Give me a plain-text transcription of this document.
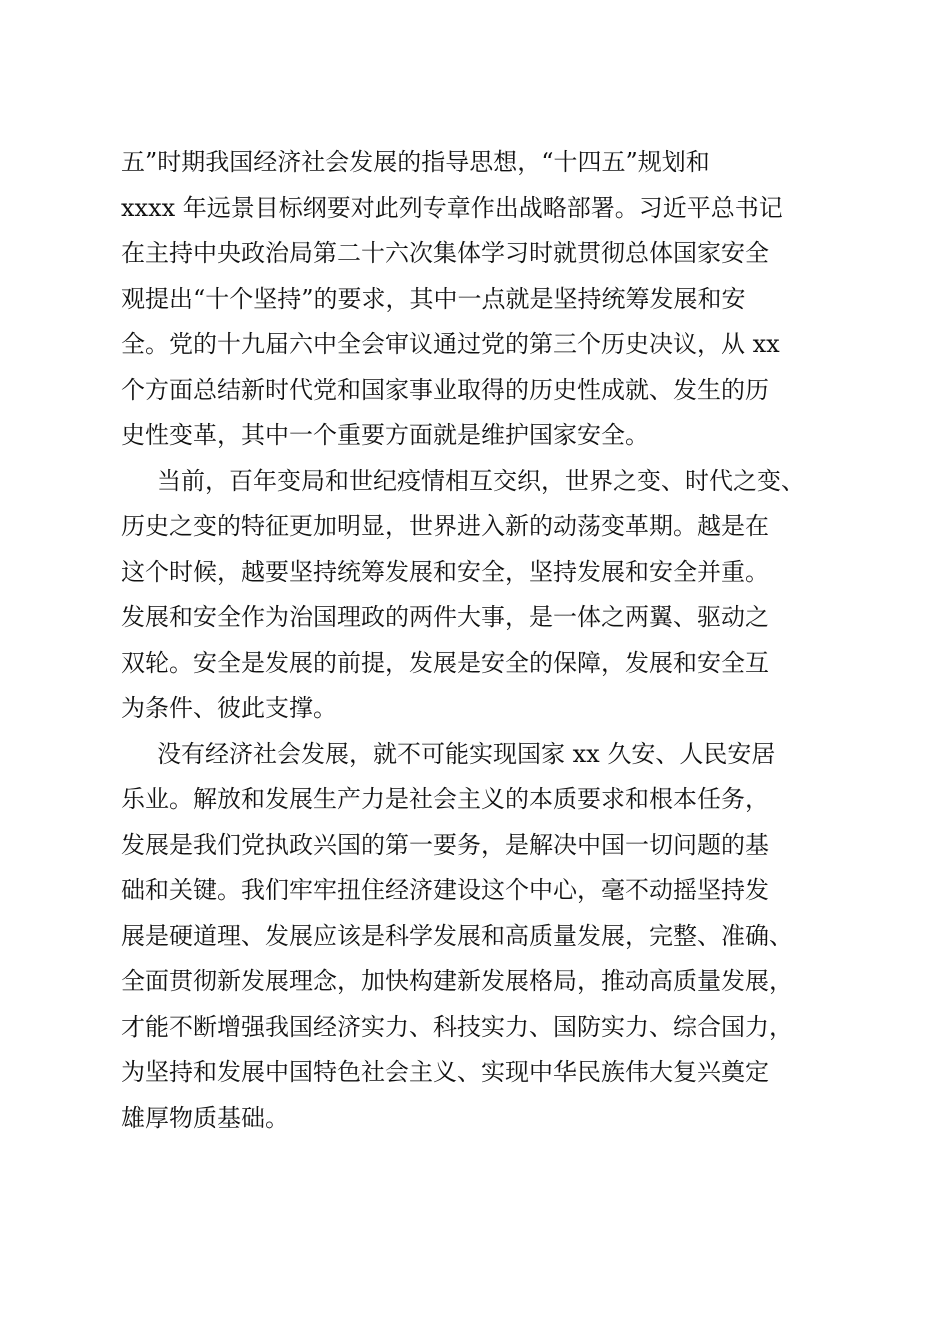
五”时期我国经济社会发展的指导思想，“十四五”规划和
xxxx 年远景目标纲要对此列专章作出战略部署。习近平总书记
在主持中央政治局第二十六次集体学习时就贯彻总体国家安全
观提出“十个坚持”的要求，其中一点就是坚持统筹发展和安
全。党的十九届六中全会审议通过党的第三个历史决议，从 xx
个方面总结新时代党和国家事业取得的历史性成就、发生的历
史性变革，其中一个重要方面就是维护国家安全。
当前，百年变局和世纪疫情相互交织，世界之变、时代之变、
历史之变的特征更加明显，世界进入新的动荡变革期。越是在
这个时候，越要坚持统筹发展和安全，坚持发展和安全并重。
发展和安全作为治国理政的两件大事，是一体之两翼、驱动之
双轮。安全是发展的前提，发展是安全的保障，发展和安全互
为条件、彼此支撑。
没有经济社会发展，就不可能实现国家 xx 久安、人民安居
乐业。解放和发展生产力是社会主义的本质要求和根本任务，
发展是我们党执政兴国的第一要务，是解决中国一切问题的基
础和关键。我们牢牢扭住经济建设这个中心，毫不动摇坚持发
展是硬道理、发展应该是科学发展和高质量发展，完整、准确、
全面贯彻新发展理念，加快构建新发展格局，推动高质量发展，
才能不断增强我国经济实力、科技实力、国防实力、综合国力，
为坚持和发展中国特色社会主义、实现中华民族伟大复兴奠定
雄厚物质基础。
